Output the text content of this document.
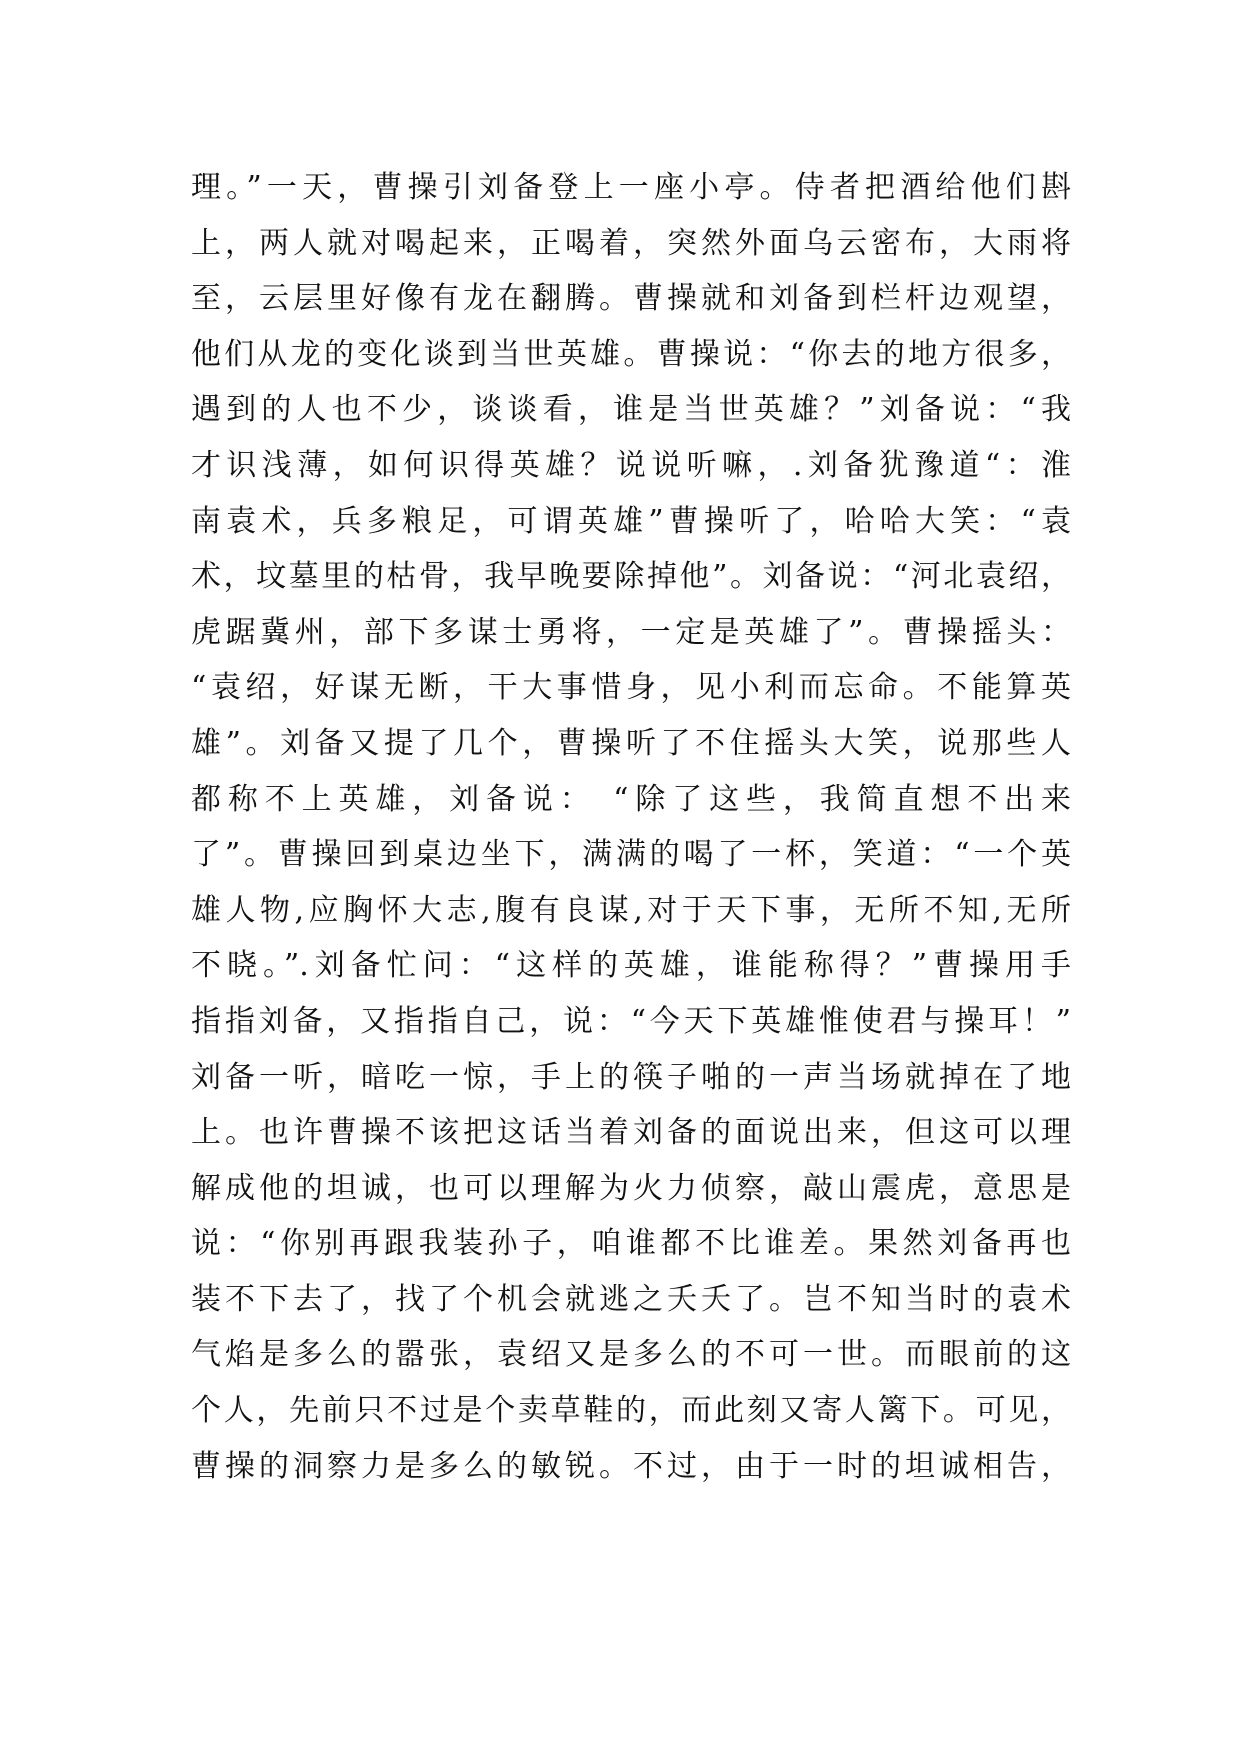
理。”一天，曹操引刘备登上一座小亭。侍者把酒给他们斟
上，两人就对喝起来，正喝着，突然外面乌云密布，大雨将
至，云层里好像有龙在翻腾。曹操就和刘备到栏杆边观望，
他们从龙的变化谈到当世英雄。曹操说：“你去的地方很多，
遇到的人也不少，谈谈看，谁是当世英雄？”刘备说：“我
才识浅薄，如何识得英雄？说说听嘛，.刘备犹豫道“：淮
南袁术，兵多粮足，可谓英雄”曹操听了，哈哈大笑：“袁
术，坟墓里的枯骨，我早晚要除掉他”。刘备说：“河北袁绍，
虎踞冀州，部下多谋士勇将，一定是英雄了”。曹操摇头：
“袁绍，好谋无断，干大事惜身，见小利而忘命。不能算英
雄”。刘备又提了几个，曹操听了不住摇头大笑，说那些人
都称不上英雄，刘备说： “除了这些，我简直想不出来
了”。曹操回到桌边坐下，满满的喝了一杯，笑道：“一个英
雄人物,应胸怀大志,腹有良谋,对于天下事，无所不知,无所
不晓。”.刘备忙问：“这样的英雄，谁能称得？”曹操用手
指指刘备，又指指自己，说：“今天下英雄惟使君与操耳！”
刘备一听，暗吃一惊，手上的筷子啪的一声当场就掉在了地
上。也许曹操不该把这话当着刘备的面说出来，但这可以理
解成他的坦诚，也可以理解为火力侦察，敲山震虎，意思是
说：“你别再跟我装孙子，咱谁都不比谁差。果然刘备再也
装不下去了，找了个机会就逃之夭夭了。岂不知当时的袁术
气焰是多么的嚣张，袁绍又是多么的不可一世。而眼前的这
个人，先前只不过是个卖草鞋的，而此刻又寄人篱下。可见，
曹操的洞察力是多么的敏锐。不过，由于一时的坦诚相告，
